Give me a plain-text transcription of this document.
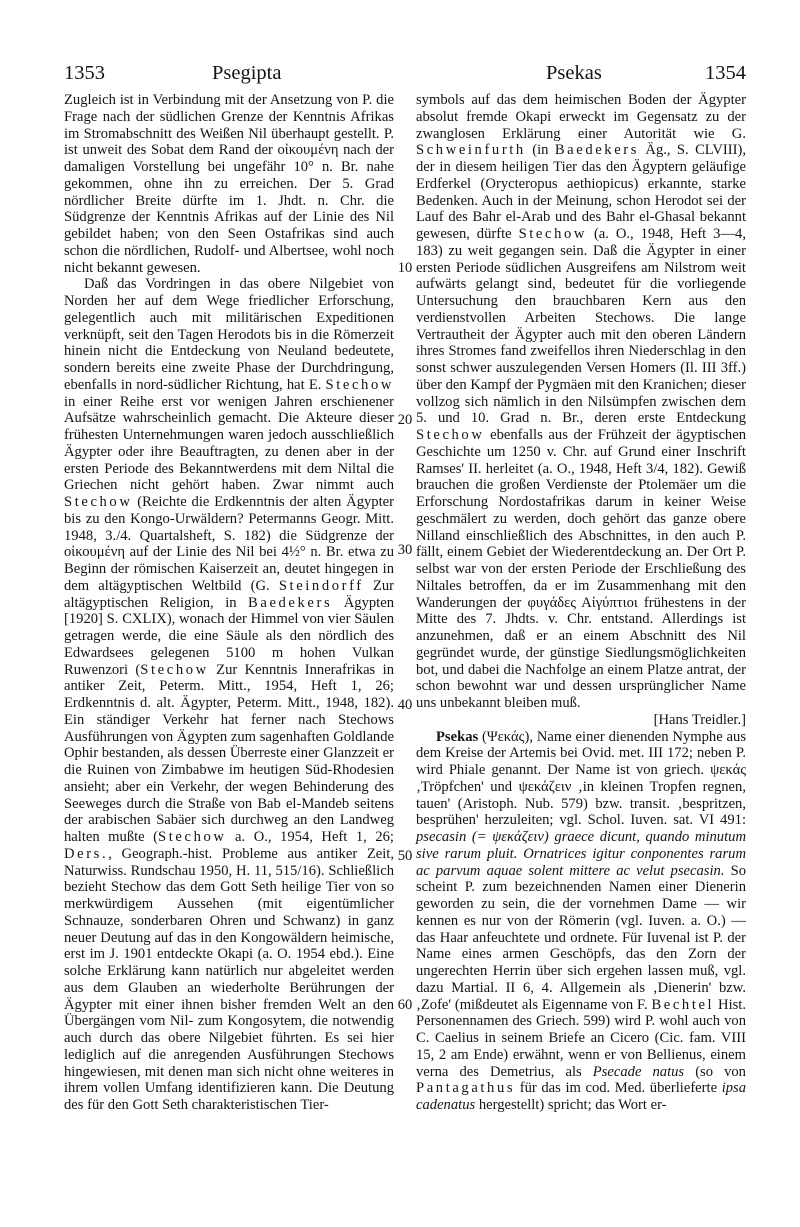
1353	Psegipta	Psekas	1354

Zugleich ist in Verbindung mit der Ansetzung von P. die Frage nach der südlichen Grenze der Kenntnis Afrikas im Stromabschnitt des Weißen Nil überhaupt gestellt. P. ist unweit des Sobat dem Rand der οἰκουμένη nach der damaligen Vorstellung bei ungefähr 10° n. Br. nahe gekommen, ohne ihn zu erreichen. Der 5. Grad nördlicher Breite dürfte im 1. Jhdt. n. Chr. die Südgrenze der Kenntnis Afrikas auf der Linie des Nil gebildet haben; von den Seen Ostafrikas sind auch schon die nördlichen, Rudolf- und Albertsee, wohl noch nicht bekannt gewesen.

Daß das Vordringen in das obere Nilgebiet von Norden her auf dem Wege friedlicher Erforschung, gelegentlich auch mit militärischen Expeditionen verknüpft, seit den Tagen Herodots bis in die Römerzeit hinein nicht die Entdeckung von Neuland bedeutete, sondern bereits eine zweite Phase der Durchdringung, ebenfalls in nord-südlicher Richtung, hat E. Stechow in einer Reihe erst vor wenigen Jahren erschienener Aufsätze wahrscheinlich gemacht. Die Akteure dieser frühesten Unternehmungen waren jedoch ausschließlich Ägypter oder ihre Beauftragten, zu denen aber in der ersten Periode des Bekanntwerdens mit dem Niltal die Griechen nicht gehört haben. Zwar nimmt auch Stechow (Reichte die Erdkenntnis der alten Ägypter bis zu den Kongo-Urwäldern? Petermanns Geogr. Mitt. 1948, 3./4. Quartalsheft, S. 182) die Südgrenze der οἰκουμένη auf der Linie des Nil bei 4½° n. Br. etwa zu Beginn der römischen Kaiserzeit an, deutet hingegen in dem altägyptischen Weltbild (G. Steindorff Zur altägyptischen Religion, in Baedekers Ägypten [1920] S. CXLIX), wonach der Himmel von vier Säulen getragen werde, die eine Säule als den nördlich des Edwardsees gelegenen 5100 m hohen Vulkan Ruwenzori (Stechow Zur Kenntnis Innerafrikas in antiker Zeit, Peterm. Mitt., 1954, Heft 1, 26; Erdkenntnis d. alt. Ägypter, Peterm. Mitt., 1948, 182). Ein ständiger Verkehr hat ferner nach Stechows Ausführungen von Ägypten zum sagenhaften Goldlande Ophir bestanden, als dessen Überreste einer Glanzzeit er die Ruinen von Zimbabwe im heutigen Süd-Rhodesien ansieht; aber ein Verkehr, der wegen Behinderung des Seeweges durch die Straße von Bab el-Mandeb seitens der arabischen Sabäer sich durchweg an den Landweg halten mußte (Stechow a. O., 1954, Heft 1, 26; Ders., Geograph.-hist. Probleme aus antiker Zeit, Naturwiss. Rundschau 1950, H. 11, 515/16). Schließlich bezieht Stechow das dem Gott Seth heilige Tier von so merkwürdigem Aussehen (mit eigentümlicher Schnauze, sonderbaren Ohren und Schwanz) in ganz neuer Deutung auf das in den Kongowäldern heimische, erst im J. 1901 entdeckte Okapi (a. O. 1954 ebd.). Eine solche Erklärung kann natürlich nur abgeleitet werden aus dem Glauben an wiederholte Berührungen der Ägypter mit einer ihnen bisher fremden Welt an den Übergängen vom Nil- zum Kongosytem, die notwendig auch durch das obere Nilgebiet führten. Es sei hier lediglich auf die anregenden Ausführungen Stechows hingewiesen, mit denen man sich nicht ohne weiteres in ihrem vollen Umfang identifizieren kann. Die Deutung des für den Gott Seth charakteristischen Tier-

symbols auf das dem heimischen Boden der Ägypter absolut fremde Okapi erweckt im Gegensatz zu der zwanglosen Erklärung einer Autorität wie G. Schweinfurth (in Baedekers Äg., S. CLVIII), der in diesem heiligen Tier das den Ägyptern geläufige Erdferkel (Orycteropus aethiopicus) erkannte, starke Bedenken. Auch in der Meinung, schon Herodot sei der Lauf des Bahr el-Arab und des Bahr el-Ghasal bekannt gewesen, dürfte Stechow (a. O., 1948, Heft 3—4, 183) zu weit gegangen sein. Daß die Ägypter in einer ersten Periode südlichen Ausgreifens am Nilstrom weit aufwärts gelangt sind, bedeutet für die vorliegende Untersuchung den brauchbaren Kern aus den verdienstvollen Arbeiten Stechows. Die lange Vertrautheit der Ägypter auch mit den oberen Ländern ihres Stromes fand zweifellos ihren Niederschlag in den sonst schwer auszulegenden Versen Homers (Il. III 3ff.) über den Kampf der Pygmäen mit den Kranichen; dieser vollzog sich nämlich in den Nilsümpfen zwischen dem 5. und 10. Grad n. Br., deren erste Entdeckung Stechow ebenfalls aus der Frühzeit der ägyptischen Geschichte um 1250 v. Chr. auf Grund einer Inschrift Ramses' II. herleitet (a. O., 1948, Heft 3/4, 182). Gewiß brauchen die großen Verdienste der Ptolemäer um die Erforschung Nordostafrikas darum in keiner Weise geschmälert zu werden, doch gehört das ganze obere Nilland einschließlich des Abschnittes, in den auch P. fällt, einem Gebiet der Wiederentdeckung an. Der Ort P. selbst war von der ersten Periode der Erschließung des Niltales betroffen, da er im Zusammenhang mit den Wanderungen der φυγάδες Αἰγύπτιοι frühestens in der Mitte des 7. Jhdts. v. Chr. entstand. Allerdings ist anzunehmen, daß er an einem Abschnitt des Nil gegründet wurde, der günstige Siedlungsmöglichkeiten bot, und dabei die Nachfolge an einem Platze antrat, der schon bewohnt war und dessen ursprünglicher Name uns unbekannt bleiben muß.

[Hans Treidler.]

Psekas (Ψεκάς), Name einer dienenden Nymphe aus dem Kreise der Artemis bei Ovid. met. III 172; neben P. wird Phiale genannt. Der Name ist von griech. ψεκάς ‚Tröpfchen' und ψεκάζειν ‚in kleinen Tropfen regnen, tauen' (Aristoph. Nub. 579) bzw. transit. ‚bespritzen, besprühen' herzuleiten; vgl. Schol. Iuven. sat. VI 491: psecasin (= ψεκάζειν) graece dicunt, quando minutum sive rarum pluit. Ornatrices igitur conponentes rarum ac parvum aquae solent mittere ac velut psecasin. So scheint P. zum bezeichnenden Namen einer Dienerin geworden zu sein, die der vornehmen Dame — wir kennen es nur von der Römerin (vgl. Iuven. a. O.) — das Haar anfeuchtete und ordnete. Für Iuvenal ist P. der Name eines armen Geschöpfs, das den Zorn der ungerechten Herrin über sich ergehen lassen muß, vgl. dazu Martial. II 6, 4. Allgemein als ‚Dienerin' bzw. ‚Zofe' (mißdeutet als Eigenname von F. Bechtel Hist. Personennamen des Griech. 599) wird P. wohl auch von C. Caelius in seinem Briefe an Cicero (Cic. fam. VIII 15, 2 am Ende) erwähnt, wenn er von Bellienus, einem verna des Demetrius, als Psecade natus (so von Pantagathus für das im cod. Med. überlieferte ipsa cadenatus hergestellt) spricht; das Wort er-

10
20
30
40
50
60
